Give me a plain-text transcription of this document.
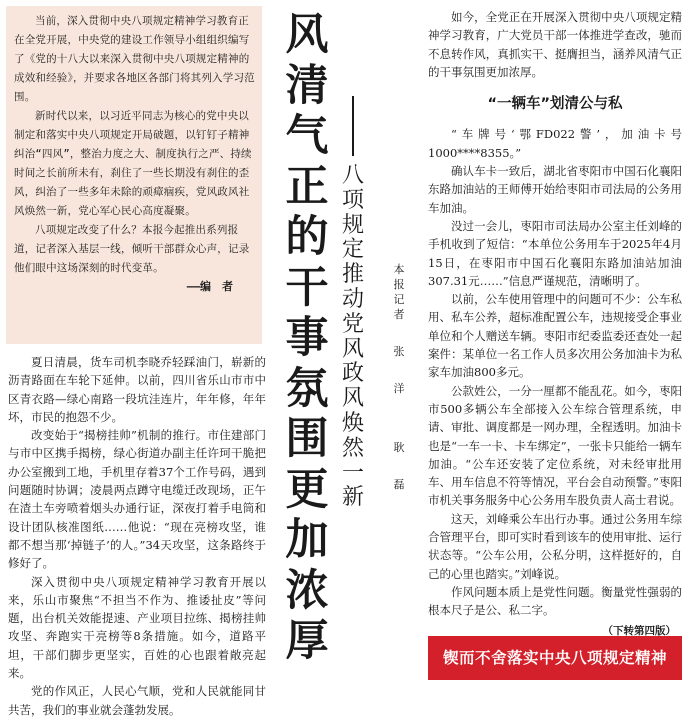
当前，深入贯彻中央八项规定精神学习教育正在全党开展，中央党的建设工作领导小组组织编写了《党的十八大以来深入贯彻中央八项规定精神的成效和经验》，并要求各地区各部门将其列入学习范围。

新时代以来，以习近平同志为核心的党中央以制定和落实中央八项规定开局破题，以钉钉子精神纠治“四风”，整治力度之大、制度执行之严、持续时间之长前所未有，刹住了一些长期没有刹住的歪风，纠治了一些多年未除的顽瘴痼疾，党风政风社风焕然一新，党心军心民心高度凝聚。

八项规定改变了什么？本报今起推出系列报道，记者深入基层一线，倾听干部群众心声，记录他们眼中这场深刻的时代变革。

——编　者

夏日清晨，货车司机李晓乔轻踩油门，崭新的沥青路面在车轮下延伸。以前，四川省乐山市市中区青衣路—绿心南路一段坑洼连片，年年修，年年坏，市民的抱怨不少。

改变始于“揭榜挂帅”机制的推行。市住建部门与市中区携手揭榜，绿心街道办副主任许珂干脆把办公室搬到工地，手机里存着37个工作号码，遇到问题随时协调；凌晨两点蹲守电缆迁改现场，正午在渣土车旁喷着烟头办通行证，深夜打着手电筒和设计团队核准图纸……他说：“现在亮榜攻坚，谁都不想当那‘掉链子’的人。”34天攻坚，这条路终于修好了。

深入贯彻中央八项规定精神学习教育开展以来，乐山市聚焦“不担当不作为、推诿扯皮”等问题，出台机关效能提速、产业项目拉练、揭榜挂帅攻坚、奔跑实干亮榜等8条措施。如今，道路平坦，干部们脚步更坚实，百姓的心也跟着敞亮起来。

党的作风正，人民心气顺，党和人民就能同甘共苦，我们的事业就会蓬勃发展。

风
清
气
正
的
干
事
氛
围
更
加
浓
厚
八
项
规
定
推
动
党
风
政
风
焕
然
一
新
本
报
记
者
张
洋
耿
磊

如今，全党正在开展深入贯彻中央八项规定精神学习教育，广大党员干部一体推进学查改，驰而不息转作风，真抓实干、挺膺担当，涵养风清气正的干事氛围更加浓厚。

“一辆车”划清公与私

“车牌号‘鄂FD022警’，加油卡号1000****8355。”

确认车卡一致后，湖北省枣阳市中国石化襄阳东路加油站的王师傅开始给枣阳市司法局的公务用车加油。

没过一会儿，枣阳市司法局办公室主任刘峰的手机收到了短信：“本单位公务用车于2025年4月15日，在枣阳市中国石化襄阳东路加油站加油307.31元……”信息严谨规范，清晰明了。

以前，公车使用管理中的问题可不少：公车私用、私车公养，超标准配置公车，违规接受企事业单位和个人赠送车辆。枣阳市纪委监委还查处一起案件：某单位一名工作人员多次用公务加油卡为私家车加油800多元。

公款姓公，一分一厘都不能乱花。如今，枣阳市500多辆公车全部接入公车综合管理系统，申请、审批、调度都是一网办理，全程透明。加油卡也是“一车一卡、卡车绑定”，一张卡只能给一辆车加油。“公车还安装了定位系统，对未经审批用车、用车信息不符等情况，平台会自动预警。”枣阳市机关事务服务中心公务用车股负责人高士君说。

这天，刘峰乘公车出行办事。通过公务用车综合管理平台，即可实时看到该车的使用审批、运行状态等。“公车公用，公私分明，这样挺好的，自己的心里也踏实。”刘峰说。

作风问题本质上是党性问题。衡量党性强弱的根本尺子是公、私二字。

（下转第四版）

锲而不舍落实中央八项规定精神
